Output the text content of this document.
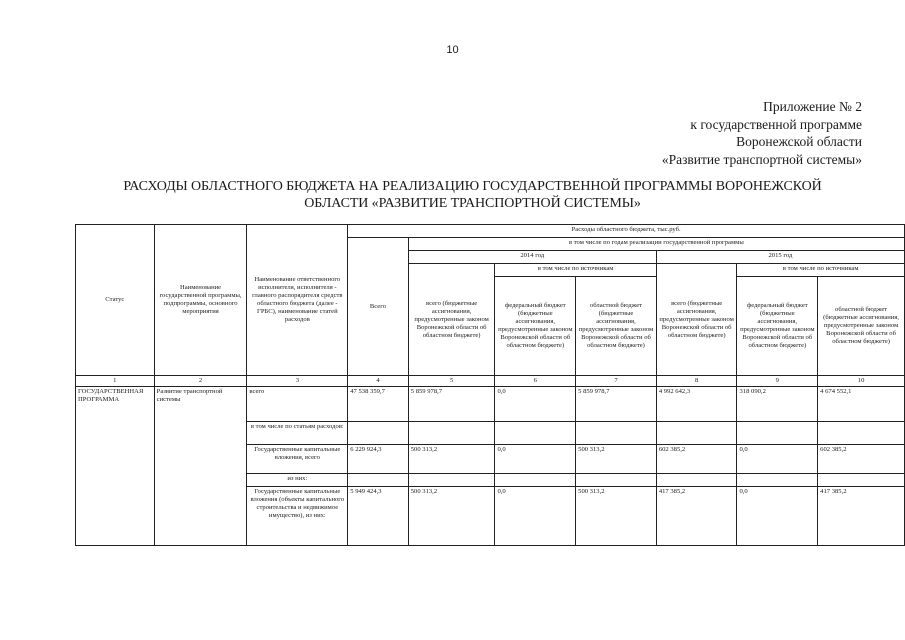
10
Приложение № 2
к государственной программе
Воронежской области
«Развитие транспортной системы»
РАСХОДЫ ОБЛАСТНОГО БЮДЖЕТА НА РЕАЛИЗАЦИЮ ГОСУДАРСТВЕННОЙ ПРОГРАММЫ ВОРОНЕЖСКОЙ
ОБЛАСТИ «РАЗВИТИЕ ТРАНСПОРТНОЙ СИСТЕМЫ»
Статус	Наименование государственной программы, подпрограммы, основного мероприятия	Наименование ответственного исполнителя, исполнителя - главного распорядителя средств областного бюджета (далее - ГРБС), наименование статей расходов	Расходы областного бюджета, тыс.руб.						
			Всего	в том числе по годам реализации государственной программы					
				2014 год			2015 год		
				всего (бюджетные ассигнования, предусмотренные законом Воронежской области об областном бюджете)	в том числе по источникам		всего (бюджетные ассигнования, предусмотренные законом Воронежской области об областном бюджете)	в том числе по источникам	
					федеральный бюджет (бюджетные ассигнования, предусмотренные законом Воронежской области об областном бюджете)	областной бюджет (бюджетные ассигнования, предусмотренные законом Воронежской области об областном бюджете)		федеральный бюджет (бюджетные ассигнования, предусмотренные законом Воронежской области об областном бюджете)	областной бюджет (бюджетные ассигнования, предусмотренные законом Воронежской области об областном бюджете)
1	2	3	4	5	6	7	8	9	10
ГОСУДАРСТВЕННАЯ ПРОГРАММА	Развитие транспортной системы	всего	47 538 359,7	5 859 978,7	0,0	5 859 978,7	4 992 642,3	318 090,2	4 674 552,1
		в том числе по статьям расходов:							
		Государственные капитальные вложения, всего	6 229 924,3	500 313,2	0,0	500 313,2	602 385,2	0,0	602 385,2
		из них:							
		Государственные капитальные вложения (объекты капитального строительства и недвижимое имущество), из них:	5 949 424,3	500 313,2	0,0	500 313,2	417 385,2	0,0	417 385,2
